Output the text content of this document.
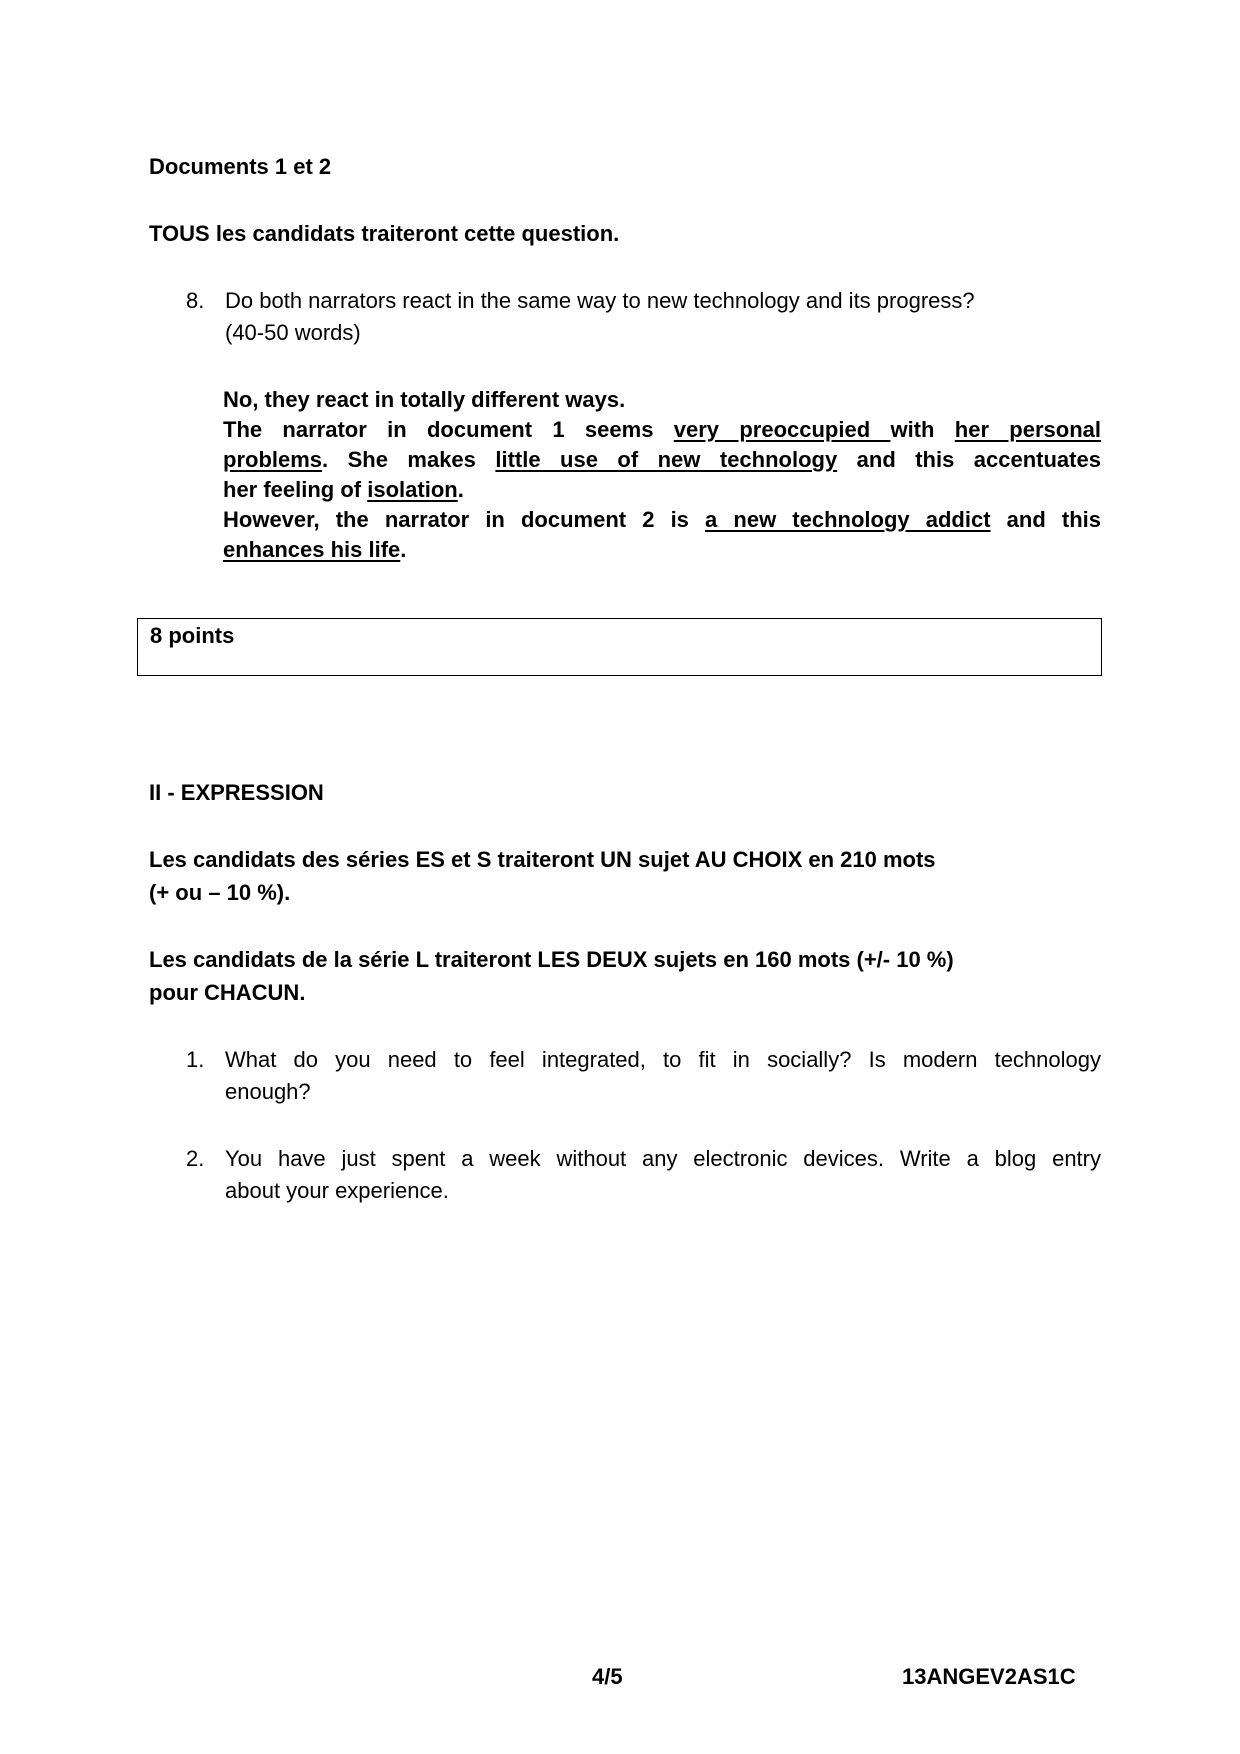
Documents 1 et 2
TOUS les candidats traiteront cette question.
8. Do both narrators react in the same way to new technology and its progress?
(40-50 words)
No, they react in totally different ways.
The narrator in document 1 seems very preoccupied with her personal
problems. She makes little use of new technology and this accentuates
her feeling of isolation.
However, the narrator in document 2 is a new technology addict and this
enhances his life.
8 points
II - EXPRESSION
Les candidats des séries ES et S traiteront UN sujet AU CHOIX en 210 mots
(+ ou – 10 %).
Les candidats de la série L traiteront LES DEUX sujets en 160 mots (+/- 10 %)
pour CHACUN.
1. What do you need to feel integrated, to fit in socially? Is modern technology
enough?
2. You have just spent a week without any electronic devices. Write a blog entry
about your experience.
4/5	13ANGEV2AS1C
